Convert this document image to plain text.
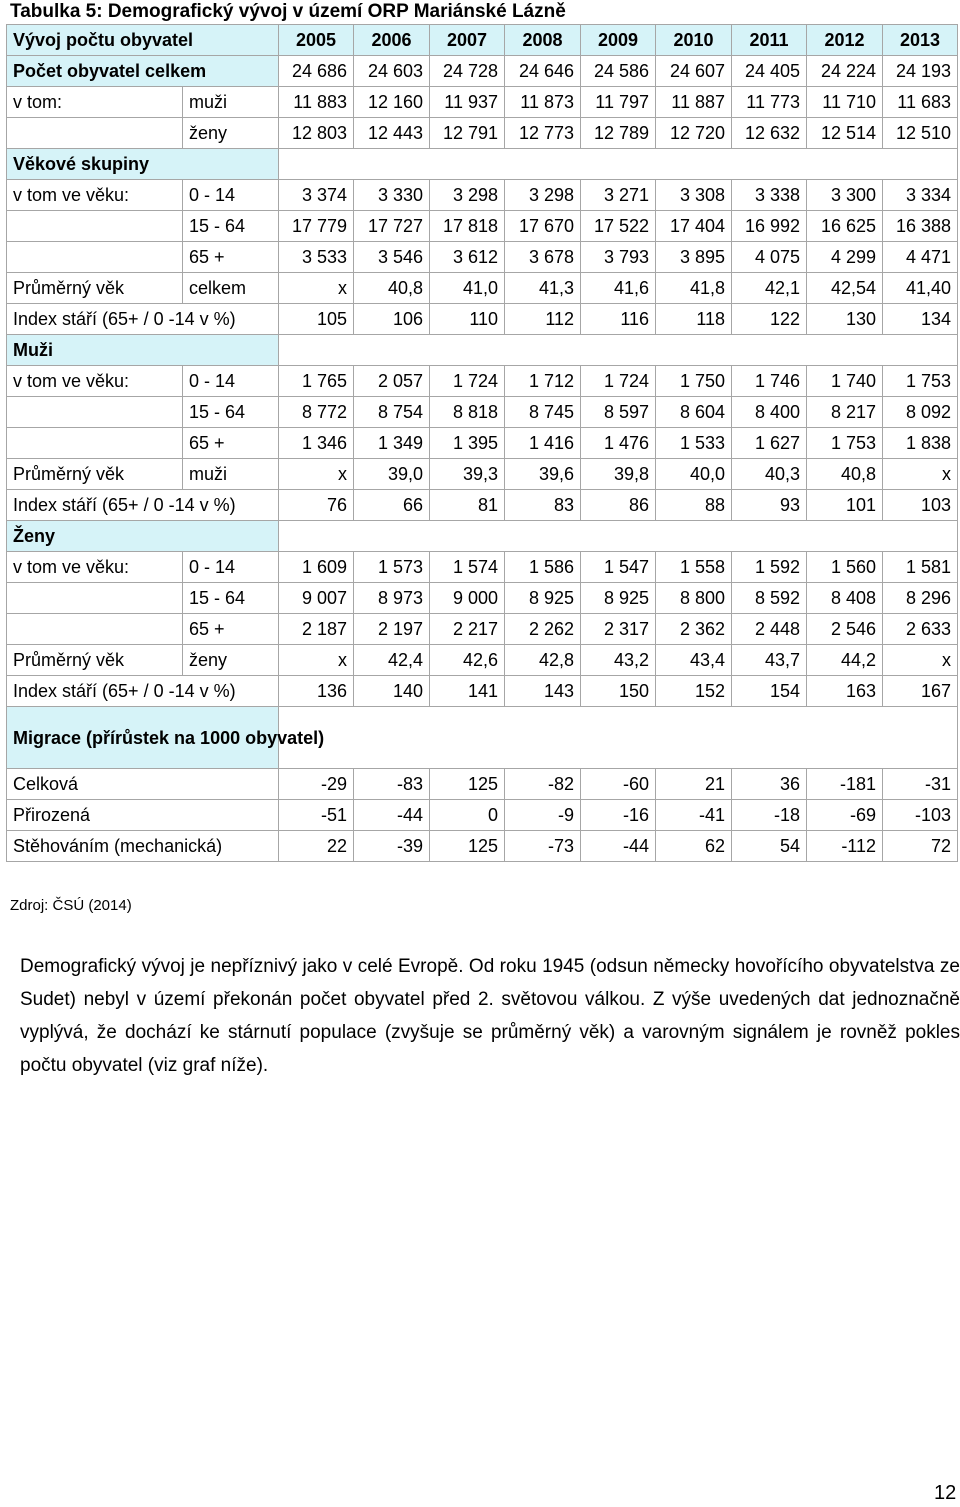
Tabulka 5: Demografický vývoj v území ORP Mariánské Lázně
Vývoj počtu obyvatel		2005	2006	2007	2008	2009	2010	2011	2012	2013
Počet obyvatel celkem		24 686	24 603	24 728	24 646	24 586	24 607	24 405	24 224	24 193
v tom:	muži	11 883	12 160	11 937	11 873	11 797	11 887	11 773	11 710	11 683
	ženy	12 803	12 443	12 791	12 773	12 789	12 720	12 632	12 514	12 510
Věkové skupiny										
v tom ve věku:	0 - 14	3 374	3 330	3 298	3 298	3 271	3 308	3 338	3 300	3 334
	15 - 64	17 779	17 727	17 818	17 670	17 522	17 404	16 992	16 625	16 388
	65 +	3 533	3 546	3 612	3 678	3 793	3 895	4 075	4 299	4 471
Průměrný věk	celkem	x	40,8	41,0	41,3	41,6	41,8	42,1	42,54	41,40
Index stáří (65+ / 0 -14 v %)		105	106	110	112	116	118	122	130	134
Muži										
v tom ve věku:	0 - 14	1 765	2 057	1 724	1 712	1 724	1 750	1 746	1 740	1 753
	15 - 64	8 772	8 754	8 818	8 745	8 597	8 604	8 400	8 217	8 092
	65 +	1 346	1 349	1 395	1 416	1 476	1 533	1 627	1 753	1 838
Průměrný věk	muži	x	39,0	39,3	39,6	39,8	40,0	40,3	40,8	x
Index stáří (65+ / 0 -14 v %)		76	66	81	83	86	88	93	101	103
Ženy										
v tom ve věku:	0 - 14	1 609	1 573	1 574	1 586	1 547	1 558	1 592	1 560	1 581
	15 - 64	9 007	8 973	9 000	8 925	8 925	8 800	8 592	8 408	8 296
	65 +	2 187	2 197	2 217	2 262	2 317	2 362	2 448	2 546	2 633
Průměrný věk	ženy	x	42,4	42,6	42,8	43,2	43,4	43,7	44,2	x
Index stáří (65+ / 0 -14 v %)		136	140	141	143	150	152	154	163	167
Migrace (přírůstek na 1000 obyvatel)										
Celková		-29	-83	125	-82	-60	21	36	-181	-31
Přirozená		-51	-44	0	-9	-16	-41	-18	-69	-103
Stěhováním (mechanická)		22	-39	125	-73	-44	62	54	-112	72
Zdroj: ČSÚ (2014)
Demografický vývoj je nepříznivý jako v celé Evropě. Od roku 1945 (odsun německy hovořícího obyvatelstva ze Sudet) nebyl v území překonán počet obyvatel před 2. světovou válkou. Z výše uvedených dat jednoznačně vyplývá, že dochází ke stárnutí populace (zvyšuje se průměrný věk) a varovným signálem je rovněž pokles počtu obyvatel (viz graf níže).
12
